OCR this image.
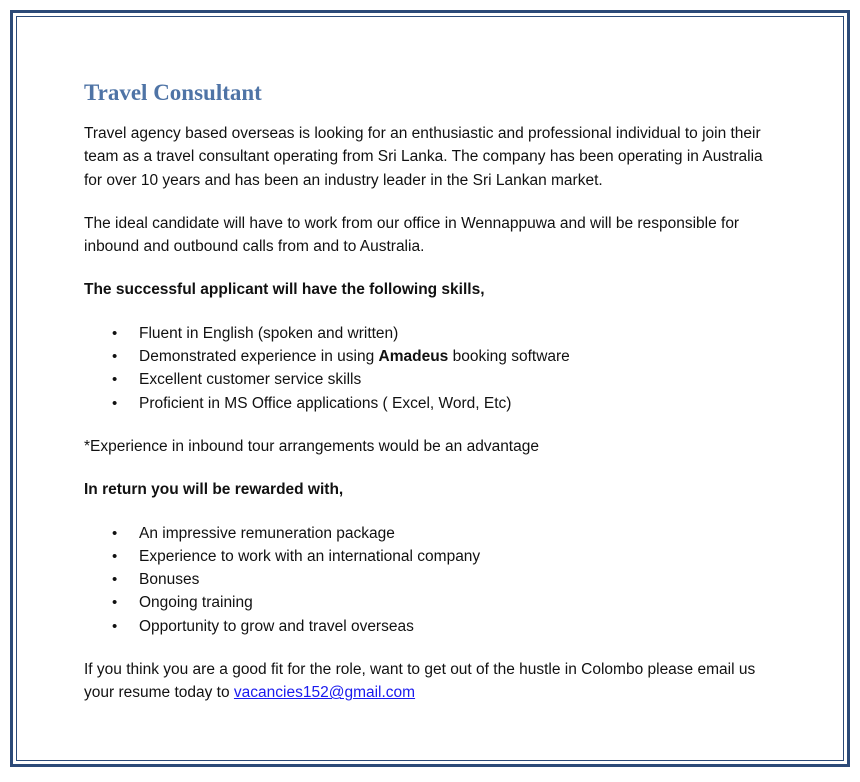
Travel Consultant

Travel agency based overseas is looking for an enthusiastic and professional individual to join their team as a travel consultant operating from Sri Lanka. The company has been operating in Australia for over 10 years and has been an industry leader in the Sri Lankan market.

The ideal candidate will have to work from our office in Wennappuwa and will be responsible for inbound and outbound calls from and to Australia.

The successful applicant will have the following skills,

• Fluent in English (spoken and written)
• Demonstrated experience in using Amadeus booking software
• Excellent customer service skills
• Proficient in MS Office applications ( Excel, Word, Etc)

*Experience in inbound tour arrangements would be an advantage

In return you will be rewarded with,

• An impressive remuneration package
• Experience to work with an international company
• Bonuses
• Ongoing training
• Opportunity to grow and travel overseas

If you think you are a good fit for the role, want to get out of the hustle in Colombo please email us your resume today to vacancies152@gmail.com
